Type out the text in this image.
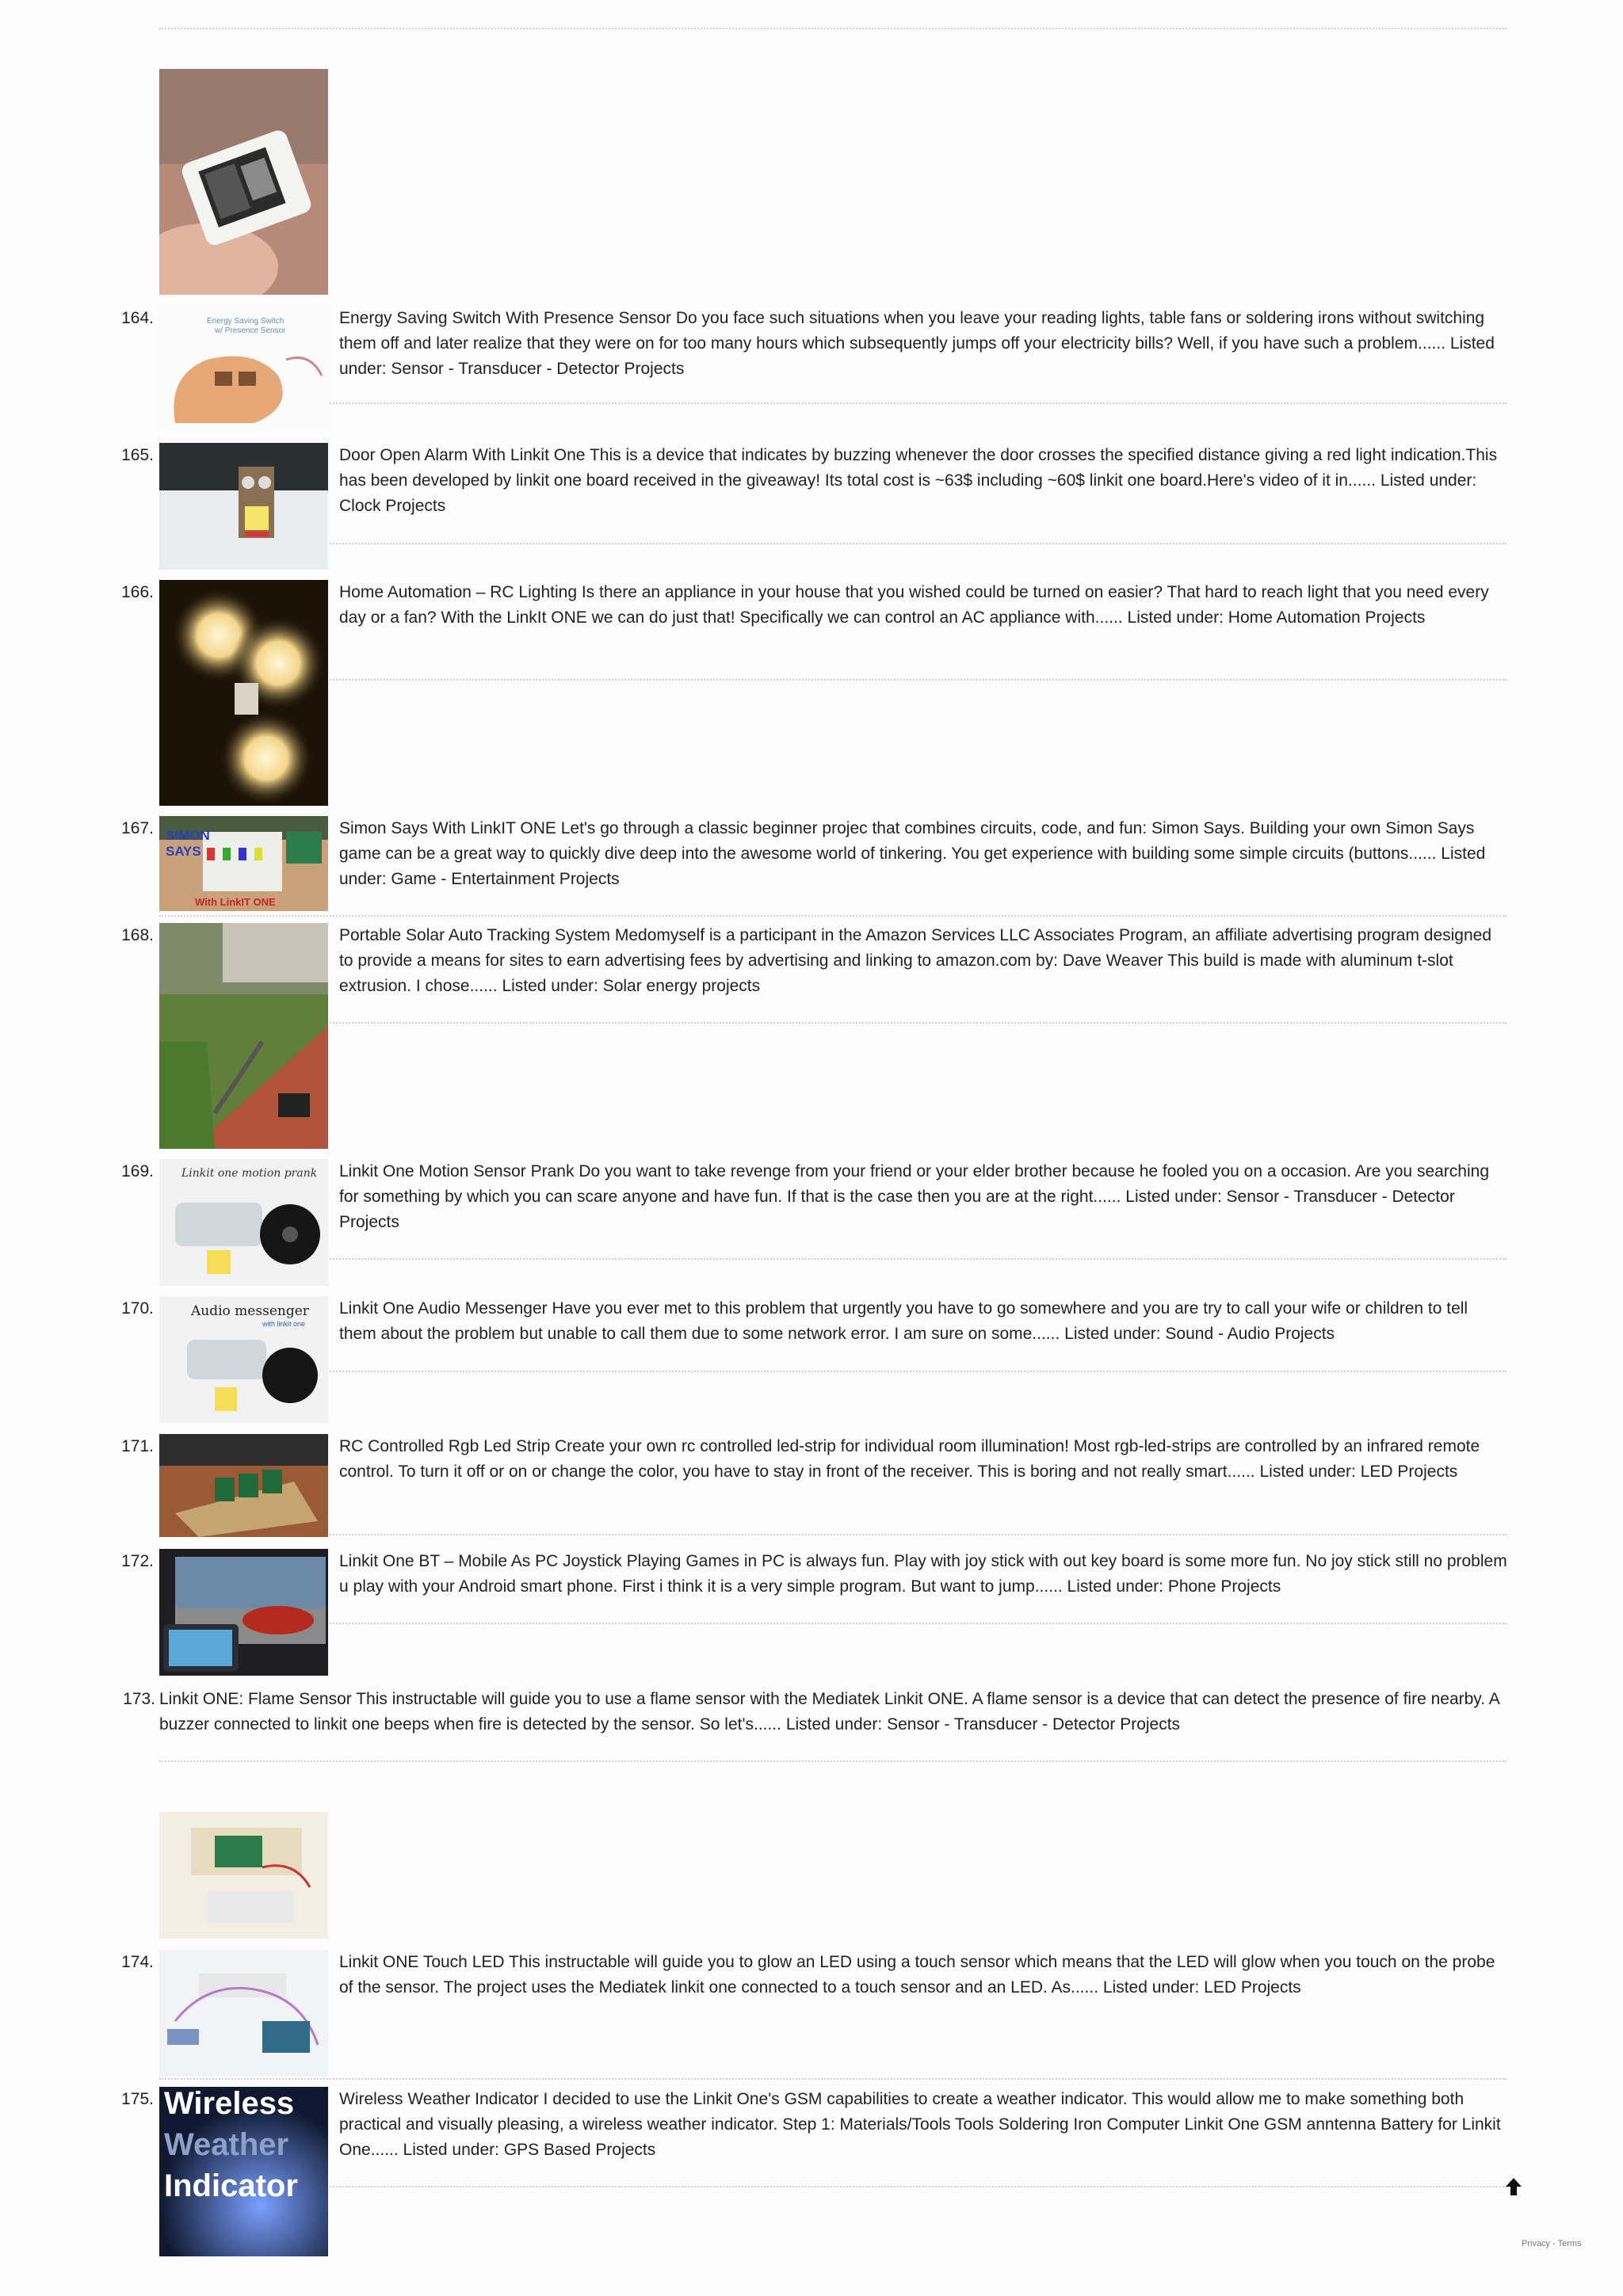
164.	Energy Saving Switch
w/ Presence Sensor
Energy Saving Switch With Presence Sensor Do you face such situations when you leave your reading lights, table fans or soldering irons without switching them off and later realize that they were on for too many hours which subsequently jumps off your electricity bills? Well, if you have such a problem...... Listed under: Sensor - Transducer - Detector Projects
165.	Door Open Alarm With Linkit One This is a device that indicates by buzzing whenever the door crosses the specified distance giving a red light indication.This has been developed by linkit one board received in the giveaway! Its total cost is ~63$ including ~60$ linkit one board.Here's video of it in...... Listed under: Clock Projects
166.	Home Automation – RC Lighting Is there an appliance in your house that you wished could be turned on easier? That hard to reach light that you need every day or a fan? With the LinkIt ONE we can do just that! Specifically we can control an AC appliance with...... Listed under: Home Automation Projects
167. SIMON
SAYS
With LinkIT ONE
Simon Says With LinkIT ONE Let's go through a classic beginner projec that combines circuits, code, and fun: Simon Says. Building your own Simon Says game can be a great way to quickly dive deep into the awesome world of tinkering. You get experience with building some simple circuits (buttons...... Listed under: Game - Entertainment Projects
168.	Portable Solar Auto Tracking System Medomyself is a participant in the Amazon Services LLC Associates Program, an affiliate advertising program designed to provide a means for sites to earn advertising fees by advertising and linking to amazon.com by: Dave Weaver This build is made with aluminum t-slot extrusion. I chose...... Listed under: Solar energy projects
169.	Linkit one motion prank Linkit One Motion Sensor Prank Do you want to take revenge from your friend or your elder brother because he fooled you on a occasion. Are you searching for something by which you can scare anyone and have fun. If that is the case then you are at the right...... Listed under: Sensor - Transducer - Detector Projects
170.	Audio messenger
with linkit one
Linkit One Audio Messenger Have you ever met to this problem that urgently you have to go somewhere and you are try to call your wife or children to tell them about the problem but unable to call them due to some network error. I am sure on some...... Listed under: Sound - Audio Projects
171.	RC Controlled Rgb Led Strip Create your own rc controlled led-strip for individual room illumination! Most rgb-led-strips are controlled by an infrared remote control. To turn it off or on or change the color, you have to stay in front of the receiver. This is boring and not really smart...... Listed under: LED Projects
172.	Linkit One BT – Mobile As PC Joystick Playing Games in PC is always fun. Play with joy stick with out key board is some more fun. No joy stick still no problem u play with your Android smart phone. First i think it is a very simple program. But want to jump...... Listed under: Phone Projects
173. Linkit ONE: Flame Sensor This instructable will guide you to use a flame sensor with the Mediatek Linkit ONE. A flame sensor is a device that can detect the presence of fire nearby. A buzzer connected to linkit one beeps when fire is detected by the sensor. So let's...... Listed under: Sensor - Transducer - Detector Projects
174.	Linkit ONE Touch LED This instructable will guide you to glow an LED using a touch sensor which means that the LED will glow when you touch on the probe of the sensor. The project uses the Mediatek linkit one connected to a touch sensor and an LED. As...... Listed under: LED Projects
175. Wireless
Weather
Indicator
Wireless Weather Indicator I decided to use the Linkit One's GSM capabilities to create a weather indicator. This would allow me to make something both practical and visually pleasing, a wireless weather indicator. Step 1: Materials/Tools Tools Soldering Iron Computer Linkit One GSM anntenna Battery for Linkit One...... Listed under: GPS Based Projects
Privacy - Terms
